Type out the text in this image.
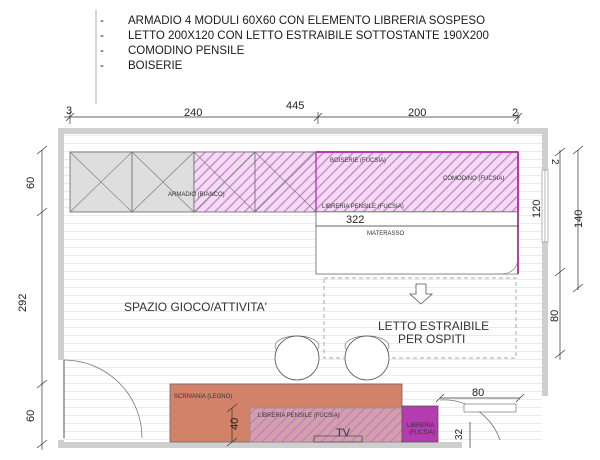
- ARMADIO 4 MODULI 60X60 CON ELEMENTO LIBRERIA SOSPESO
- LETTO 200X120 CON LETTO ESTRAIBILE SOTTOSTANTE 190X200
- COMODINO PENSILE
- BOISERIE
3	240
445
200	2
60
292
60
2
120
140
80
322
80
40
32
ARMADIO (BIANCO)
BOISERIE (FUCSIA)
COMODINO (FUCSIA)
LIBRERIA PENSILE (FUCSIA)
MATERASSO
SPAZIO GIOCO/ATTIVITA'
LETTO ESTRAIBILE
PER OSPITI
SCRIVANIA (LEGNO)
LIBRERIA PENSILE (FUCSIA)
TV
LIBRERIA
(FUCSIA)
